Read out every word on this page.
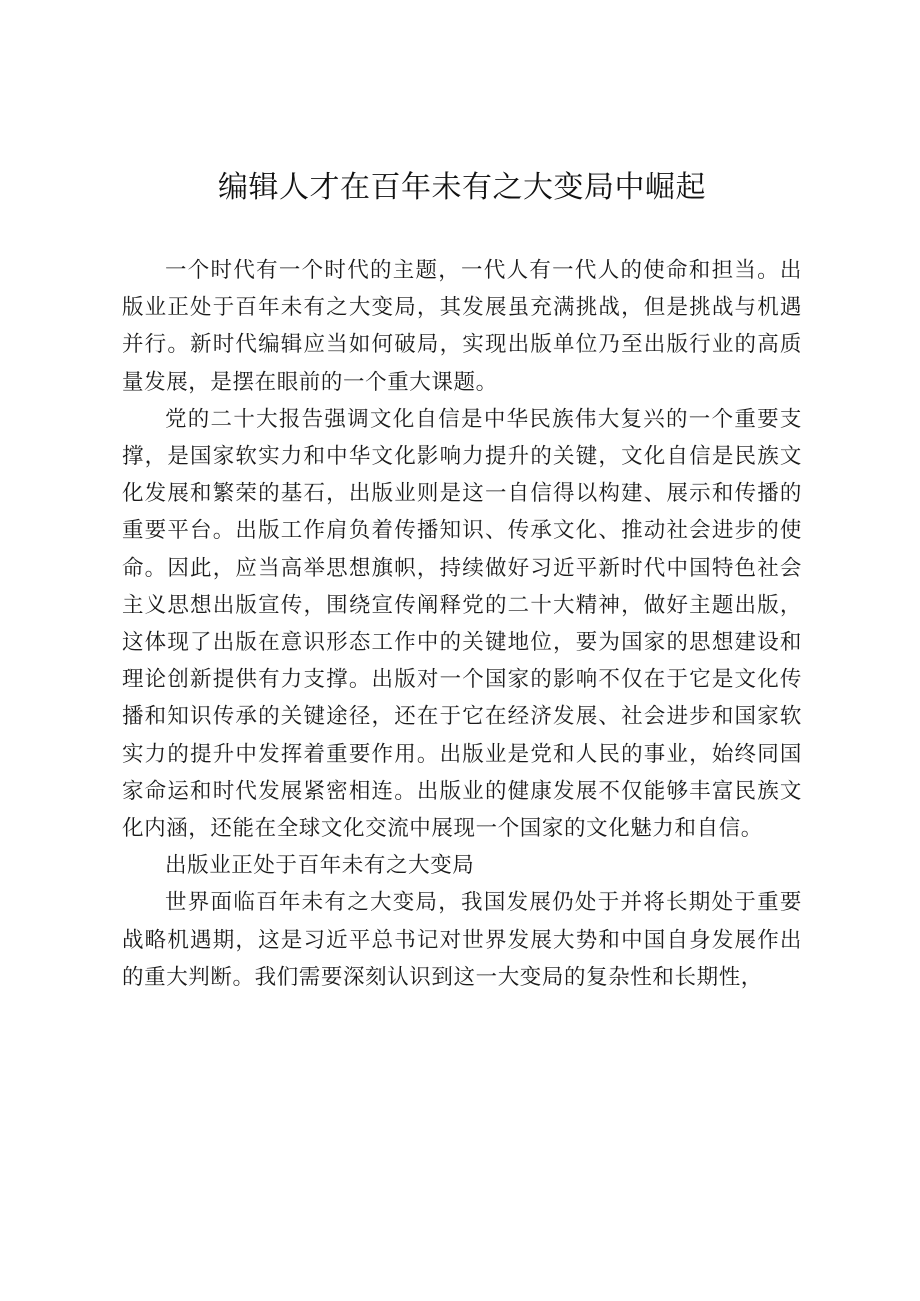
编辑人才在百年未有之大变局中崛起

一个时代有一个时代的主题，一代人有一代人的使命和担当。出版业正处于百年未有之大变局，其发展虽充满挑战，但是挑战与机遇并行。新时代编辑应当如何破局，实现出版单位乃至出版行业的高质量发展，是摆在眼前的一个重大课题。

党的二十大报告强调文化自信是中华民族伟大复兴的一个重要支撑，是国家软实力和中华文化影响力提升的关键，文化自信是民族文化发展和繁荣的基石，出版业则是这一自信得以构建、展示和传播的重要平台。出版工作肩负着传播知识、传承文化、推动社会进步的使命。因此，应当高举思想旗帜，持续做好习近平新时代中国特色社会主义思想出版宣传，围绕宣传阐释党的二十大精神，做好主题出版，这体现了出版在意识形态工作中的关键地位，要为国家的思想建设和理论创新提供有力支撑。出版对一个国家的影响不仅在于它是文化传播和知识传承的关键途径，还在于它在经济发展、社会进步和国家软实力的提升中发挥着重要作用。出版业是党和人民的事业，始终同国家命运和时代发展紧密相连。出版业的健康发展不仅能够丰富民族文化内涵，还能在全球文化交流中展现一个国家的文化魅力和自信。

出版业正处于百年未有之大变局

世界面临百年未有之大变局，我国发展仍处于并将长期处于重要战略机遇期，这是习近平总书记对世界发展大势和中国自身发展作出的重大判断。我们需要深刻认识到这一大变局的复杂性和长期性，
